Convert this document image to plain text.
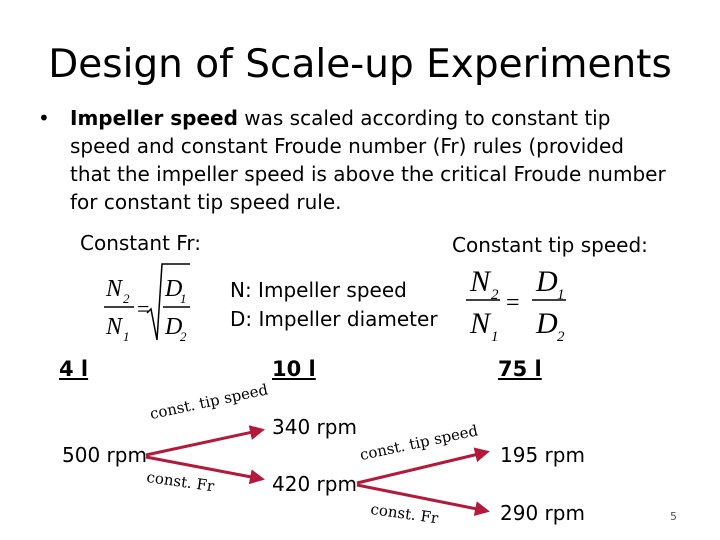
Design of Scale-up Experiments
• Impeller speed was scaled according to constant tip speed and constant Froude number (Fr) rules (provided that the impeller speed is above the critical Froude number for constant tip speed rule.
Constant Fr:	Constant tip speed:
N: Impeller speed
D: Impeller diameter
N 2
N 1
=
D
1
D
2
N 2
N 1
=
D 1
D 2
4 l	10 l	75 l
500 rpm
340 rpm
420 rpm
195 rpm
290 rpm
const. tip speed
const. Fr
const. tip speed
const. Fr	5
